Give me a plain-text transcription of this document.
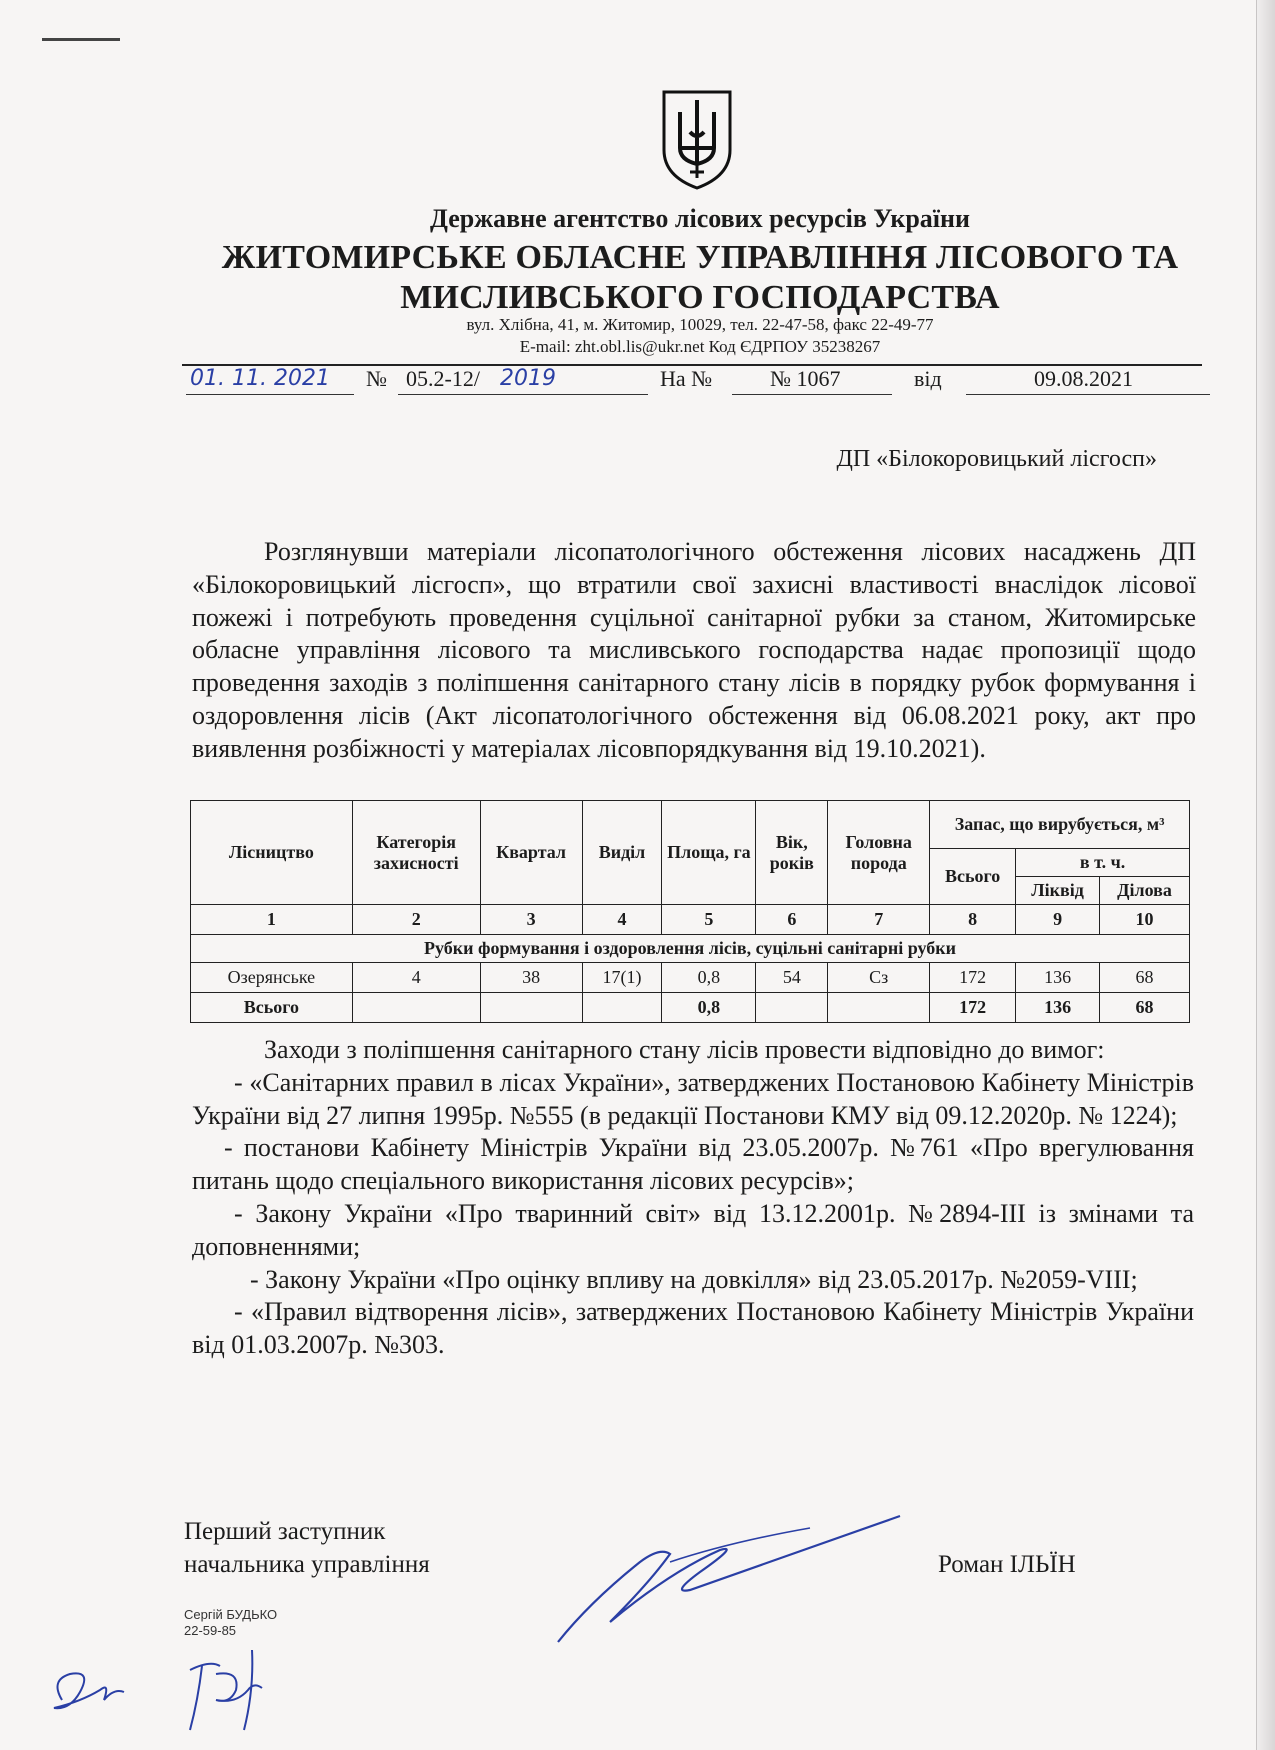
Державне агентство лісових ресурсів України
ЖИТОМИРСЬКЕ ОБЛАСНЕ УПРАВЛІННЯ ЛІСОВОГО ТА
МИСЛИВСЬКОГО ГОСПОДАРСТВА
вул. Хлібна, 41, м. Житомир, 10029, тел. 22-47-58, факс 22-49-77
E-mail: zht.obl.lis@ukr.net Код ЄДРПОУ 35238267
01. 11. 2021 № 05.2-12/ 2019	На №	№ 1067	від	09.08.2021
ДП «Білокоровицький лісгосп»
Розглянувши матеріали лісопатологічного обстеження лісових насаджень ДП «Білокоровицький лісгосп», що втратили свої захисні властивості внаслідок лісової пожежі і потребують проведення суцільної санітарної рубки за станом, Житомирське обласне управління лісового та мисливського господарства надає пропозиції щодо проведення заходів з поліпшення санітарного стану лісів в порядку рубок формування і оздоровлення лісів (Акт лісопатологічного обстеження від 06.08.2021 року, акт про виявлення розбіжності у матеріалах лісовпорядкування від 19.10.2021).
Лісництво	Категорія захисності	Квартал	Виділ	Площа, га	Вік, років	Головна порода	Запас, що вирубується, м³		
							Всього	в т. ч.	
								Ліквід	Ділова
1	2	3	4	5	6	7	8	9	10
Рубки формування і оздоровлення лісів, суцільні санітарні рубки									
Озерянське	4	38	17(1)	0,8	54	Сз	172	136	68
Всього				0,8			172	136	68
Заходи з поліпшення санітарного стану лісів провести відповідно до вимог:
- «Санітарних правил в лісах України», затверджених Постановою Кабінету Міністрів України від 27 липня 1995р. №555 (в редакції Постанови КМУ від 09.12.2020р. № 1224);
- постанови Кабінету Міністрів України від 23.05.2007р. №761 «Про врегулювання питань щодо спеціального використання лісових ресурсів»;
- Закону України «Про тваринний світ» від 13.12.2001р. №2894-ІІІ із змінами та доповненнями;
- Закону України «Про оцінку впливу на довкілля» від 23.05.2017р. №2059-VIII;
- «Правил відтворення лісів», затверджених Постановою Кабінету Міністрів України від 01.03.2007р. №303.
Перший заступник
начальника управління	Роман ІЛЬЇН
Сергій БУДЬКО
22-59-85
